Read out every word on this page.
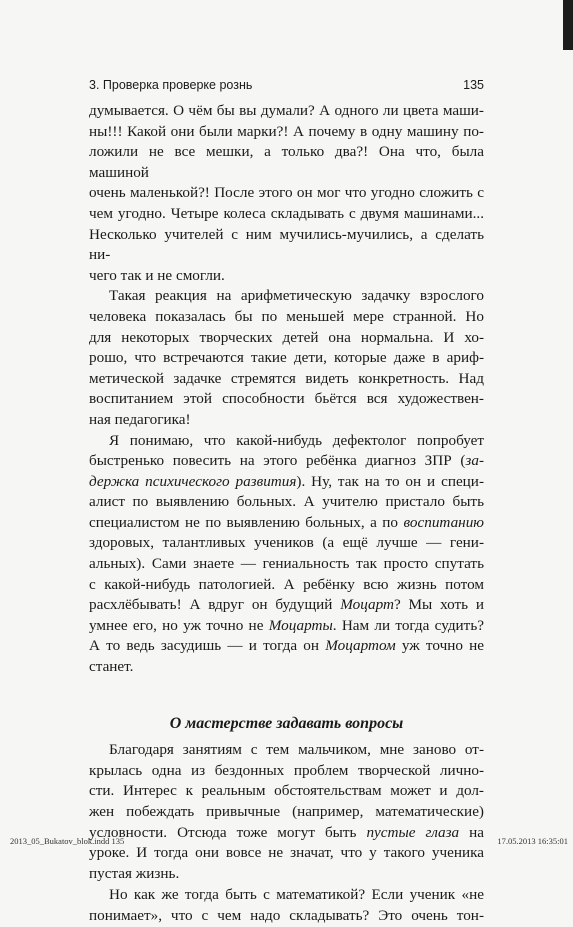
3. Проверка проверке рознь	135

думывается. О чём бы вы думали? А одного ли цвета маши-

ны!!! Какой они были марки?! А почему в одну машину по-

ложили не все мешки, а только два?! Она что, была машиной

очень маленькой?! После этого он мог что угодно сложить с

чем угодно. Четыре колеса складывать с двумя машинами...

Несколько учителей с ним мучились-мучились, а сделать ни-

чего так и не смогли.

Такая реакция на арифметическую задачку взрослого

человека показалась бы по меньшей мере странной. Но

для некоторых творческих детей она нормальна. И хо-

рошо, что встречаются такие дети, которые даже в ариф-

метической задачке стремятся видеть конкретность. Над

воспитанием этой способности бьётся вся художествен-

ная педагогика!

Я понимаю, что какой-нибудь дефектолог попробует

быстренько повесить на этого ребёнка диагноз ЗПР (за-

держка психического развития). Ну, так на то он и специ-

алист по выявлению больных. А учителю пристало быть

специалистом не по выявлению больных, а по воспитанию

здоровых, талантливых учеников (а ещё лучше — гени-

альных). Сами знаете — гениальность так просто спутать

с какой-нибудь патологией. А ребёнку всю жизнь потом

расхлёбывать! А вдруг он будущий Моцарт? Мы хоть и

умнее его, но уж точно не Моцарты. Нам ли тогда судить?

А то ведь засудишь — и тогда он Моцартом уж точно не

станет.

О мастерстве задавать вопросы

Благодаря занятиям с тем мальчиком, мне заново от-

крылась одна из бездонных проблем творческой лично-

сти. Интерес к реальным обстоятельствам может и дол-

жен побеждать привычные (например, математические)

условности. Отсюда тоже могут быть пустые глаза на

уроке. И тогда они вовсе не значат, что у такого ученика

пустая жизнь.

Но как же тогда быть с математикой? Если ученик «не

понимает», что с чем надо складывать? Это очень тон-

2013_05_Bukatov_blok.indd 135	17.05.2013 16:35:01
